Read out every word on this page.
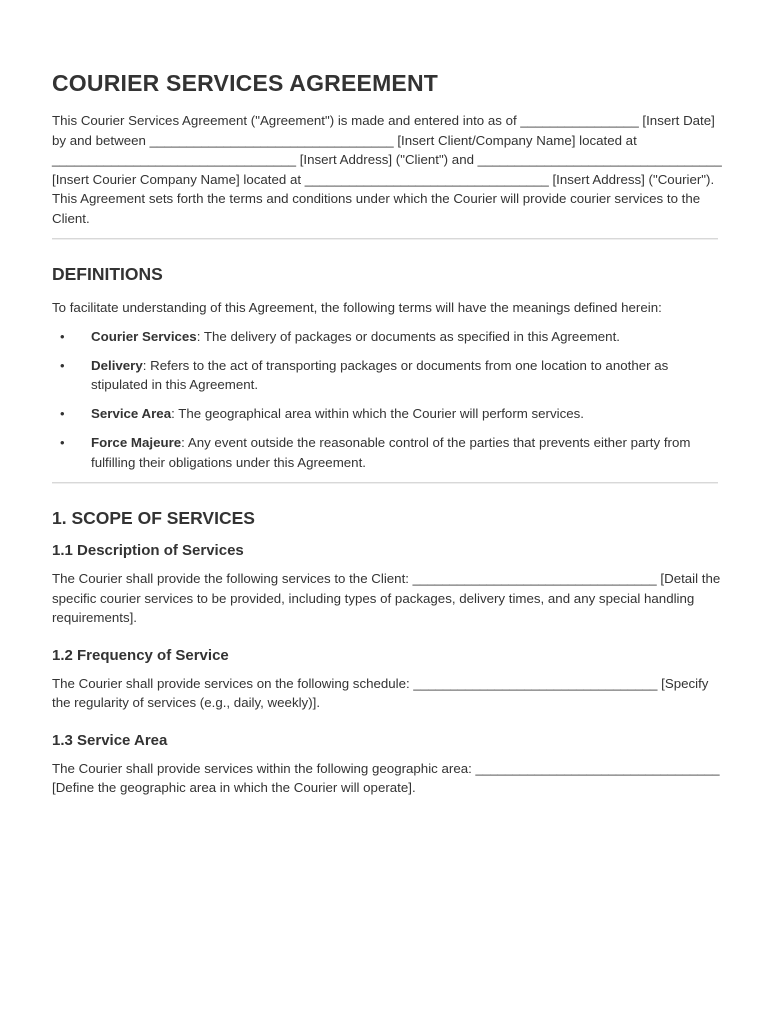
COURIER SERVICES AGREEMENT

This Courier Services Agreement ("Agreement") is made and entered into as of ________________ [Insert Date] by and between _________________________________ [Insert Client/Company Name] located at _________________________________ [Insert Address] ("Client") and _________________________________ [Insert Courier Company Name] located at _________________________________ [Insert Address] ("Courier"). This Agreement sets forth the terms and conditions under which the Courier will provide courier services to the Client.

DEFINITIONS

To facilitate understanding of this Agreement, the following terms will have the meanings defined herein:

• Courier Services: The delivery of packages or documents as specified in this Agreement.
• Delivery: Refers to the act of transporting packages or documents from one location to another as stipulated in this Agreement.
• Service Area: The geographical area within which the Courier will perform services.
• Force Majeure: Any event outside the reasonable control of the parties that prevents either party from fulfilling their obligations under this Agreement.
1. SCOPE OF SERVICES
1.1 Description of Services

The Courier shall provide the following services to the Client: _________________________________ [Detail the specific courier services to be provided, including types of packages, delivery times, and any special handling requirements].

1.2 Frequency of Service

The Courier shall provide services on the following schedule: _________________________________ [Specify the regularity of services (e.g., daily, weekly)].

1.3 Service Area

The Courier shall provide services within the following geographic area: _________________________________ [Define the geographic area in which the Courier will operate].
